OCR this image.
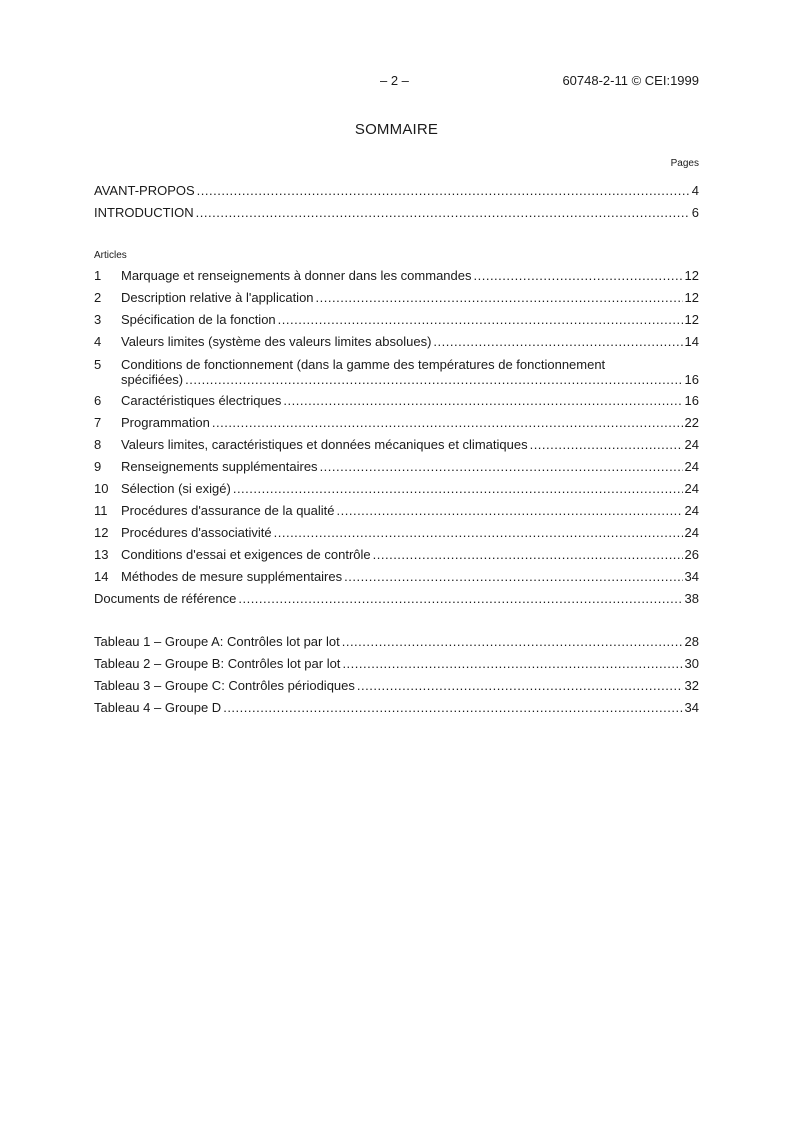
– 2 –	60748-2-11 © CEI:1999
SOMMAIRE
Pages
AVANT-PROPOS .....	4
INTRODUCTION .....	6
Articles
1	Marquage et renseignements à donner dans les commandes .....	12
2	Description relative à l'application .....	12
3	Spécification de la fonction .....	12
4	Valeurs limites (système des valeurs limites absolues) .....	14
5	Conditions de fonctionnement (dans la gamme des températures de fonctionnement
spécifiées) .....	16
6	Caractéristiques électriques .....	16
7	Programmation .....	22
8	Valeurs limites, caractéristiques et données mécaniques et climatiques .....	24
9	Renseignements supplémentaires .....	24
10 Sélection (si exigé) .....	24
11	Procédures d'assurance de la qualité .....	24
12 Procédures d'associativité .....	24
13 Conditions d'essai et exigences de contrôle .....	26
14 Méthodes de mesure supplémentaires .....	34
Documents de référence .....	38
Tableau 1 – Groupe A: Contrôles lot par lot .....	28
Tableau 2 – Groupe B: Contrôles lot par lot .....	30
Tableau 3 – Groupe C: Contrôles périodiques .....	32
Tableau 4 – Groupe D .....	34
